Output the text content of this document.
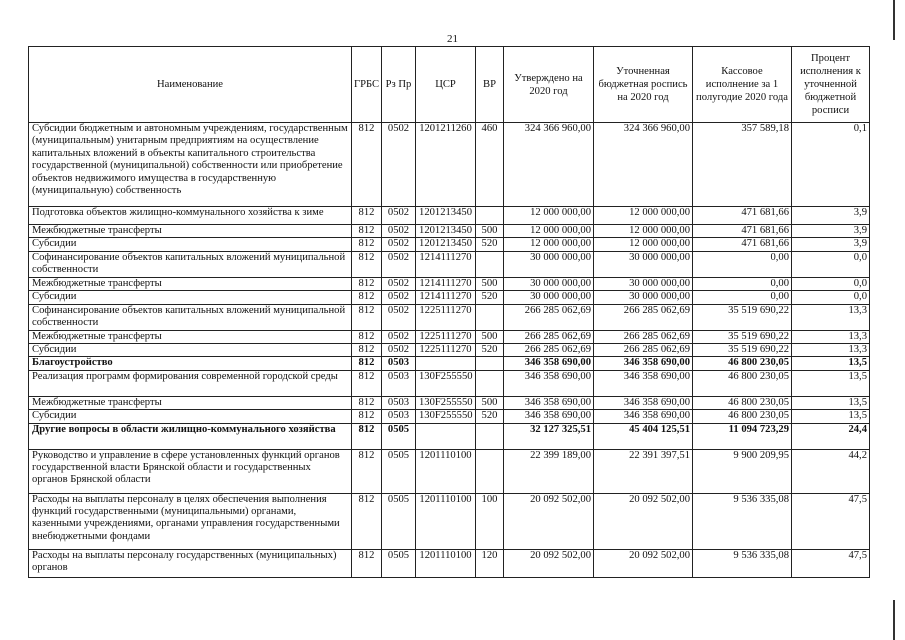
21
Наименование	ГРБС	Рз Пр	ЦСР	ВР	Утверждено на 2020 год	Уточненная бюджетная роспись на 2020 год	Кассовое исполнение за 1 полугодие 2020 года	Процент исполнения к уточненной бюджетной росписи
Субсидии бюджетным и автономным учреждениям, государственным (муниципальным) унитарным предприятиям на осуществление капитальных вложений в объекты капитального строительства государственной (муниципальной) собственности или приобретение объектов недвижимого имущества в государственную (муниципальную) собственность	812	0502	1201211260	460	324 366 960,00	324 366 960,00	357 589,18	0,1
Подготовка объектов жилищно-коммунального хозяйства к зиме	812	0502	1201213450		12 000 000,00	12 000 000,00	471 681,66	3,9
Межбюджетные трансферты	812	0502	1201213450	500	12 000 000,00	12 000 000,00	471 681,66	3,9
Субсидии	812	0502	1201213450	520	12 000 000,00	12 000 000,00	471 681,66	3,9
Софинансирование объектов капитальных вложений муниципальной собственности	812	0502	1214111270		30 000 000,00	30 000 000,00	0,00	0,0
Межбюджетные трансферты	812	0502	1214111270	500	30 000 000,00	30 000 000,00	0,00	0,0
Субсидии	812	0502	1214111270	520	30 000 000,00	30 000 000,00	0,00	0,0
Софинансирование объектов капитальных вложений муниципальной собственности	812	0502	1225111270		266 285 062,69	266 285 062,69	35 519 690,22	13,3
Межбюджетные трансферты	812	0502	1225111270	500	266 285 062,69	266 285 062,69	35 519 690,22	13,3
Субсидии	812	0502	1225111270	520	266 285 062,69	266 285 062,69	35 519 690,22	13,3
Благоустройство	812	0503			346 358 690,00	346 358 690,00	46 800 230,05	13,5
Реализация программ формирования современной городской среды	812	0503	130F255550		346 358 690,00	346 358 690,00	46 800 230,05	13,5
Межбюджетные трансферты	812	0503	130F255550	500	346 358 690,00	346 358 690,00	46 800 230,05	13,5
Субсидии	812	0503	130F255550	520	346 358 690,00	346 358 690,00	46 800 230,05	13,5
Другие вопросы в области жилищно-коммунального хозяйства	812	0505			32 127 325,51	45 404 125,51	11 094 723,29	24,4
Руководство и управление в сфере установленных функций органов государственной власти Брянской области и государственных органов Брянской области	812	0505	1201110100		22 399 189,00	22 391 397,51	9 900 209,95	44,2
Расходы на выплаты персоналу в целях обеспечения выполнения функций государственными (муниципальными) органами, казенными учреждениями, органами управления государственными внебюджетными фондами	812	0505	1201110100	100	20 092 502,00	20 092 502,00	9 536 335,08	47,5
Расходы на выплаты персоналу государственных (муниципальных) органов	812	0505	1201110100	120	20 092 502,00	20 092 502,00	9 536 335,08	47,5
